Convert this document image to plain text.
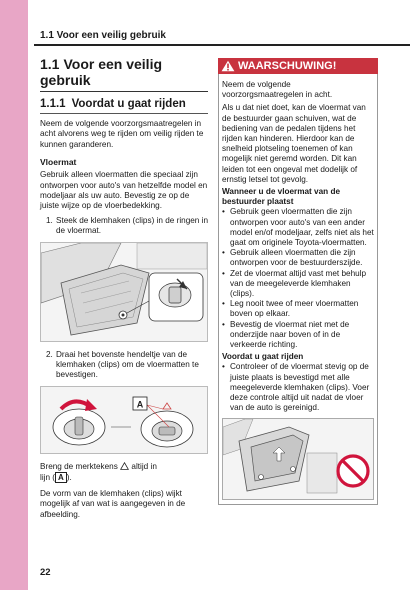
1.1 Voor een veilig gebruik
1.1 Voor een veilig gebruik
1.1.1 Voordat u gaat rijden
Neem de volgende voorzorgsmaatregelen in acht alvorens weg te rijden om veilig rijden te kunnen garanderen.
Vloermat
Gebruik alleen vloermatten die speciaal zijn ontworpen voor auto's van hetzelfde model en modeljaar als uw auto. Bevestig ze op de juiste wijze op de vloerbedekking.
1. Steek de klemhaken (clips) in de ringen in de vloermat.
2. Draai het bovenste hendeltje van de klemhaken (clips) om de vloermatten te bevestigen.
A
Breng de merktekens altijd in
lijn ( A ).
De vorm van de klemhaken (clips) wijkt mogelijk af van wat is aangegeven in de afbeelding.
WAARSCHUWING!
Neem de volgende voorzorgsmaatregelen in acht.
Als u dat niet doet, kan de vloermat van de bestuurder gaan schuiven, wat de bediening van de pedalen tijdens het rijden kan hinderen. Hierdoor kan de snelheid plotseling toenemen of kan mogelijk niet geremd worden. Dit kan leiden tot een ongeval met dodelijk of ernstig letsel tot gevolg.
Wanneer u de vloermat van de bestuurder plaatst
• Gebruik geen vloermatten die zijn ontworpen voor auto's van een ander model en/of modeljaar, zelfs niet als het gaat om originele Toyota-vloermatten.
• Gebruik alleen vloermatten die zijn ontworpen voor de bestuurderszijde.
• Zet de vloermat altijd vast met behulp van de meegeleverde klemhaken (clips).
• Leg nooit twee of meer vloermatten boven op elkaar.
• Bevestig de vloermat niet met de onderzijde naar boven of in de verkeerde richting.
Voordat u gaat rijden
• Controleer of de vloermat stevig op de juiste plaats is bevestigd met alle meegeleverde klemhaken (clips). Voer deze controle altijd uit nadat de vloer van de auto is gereinigd.
22
